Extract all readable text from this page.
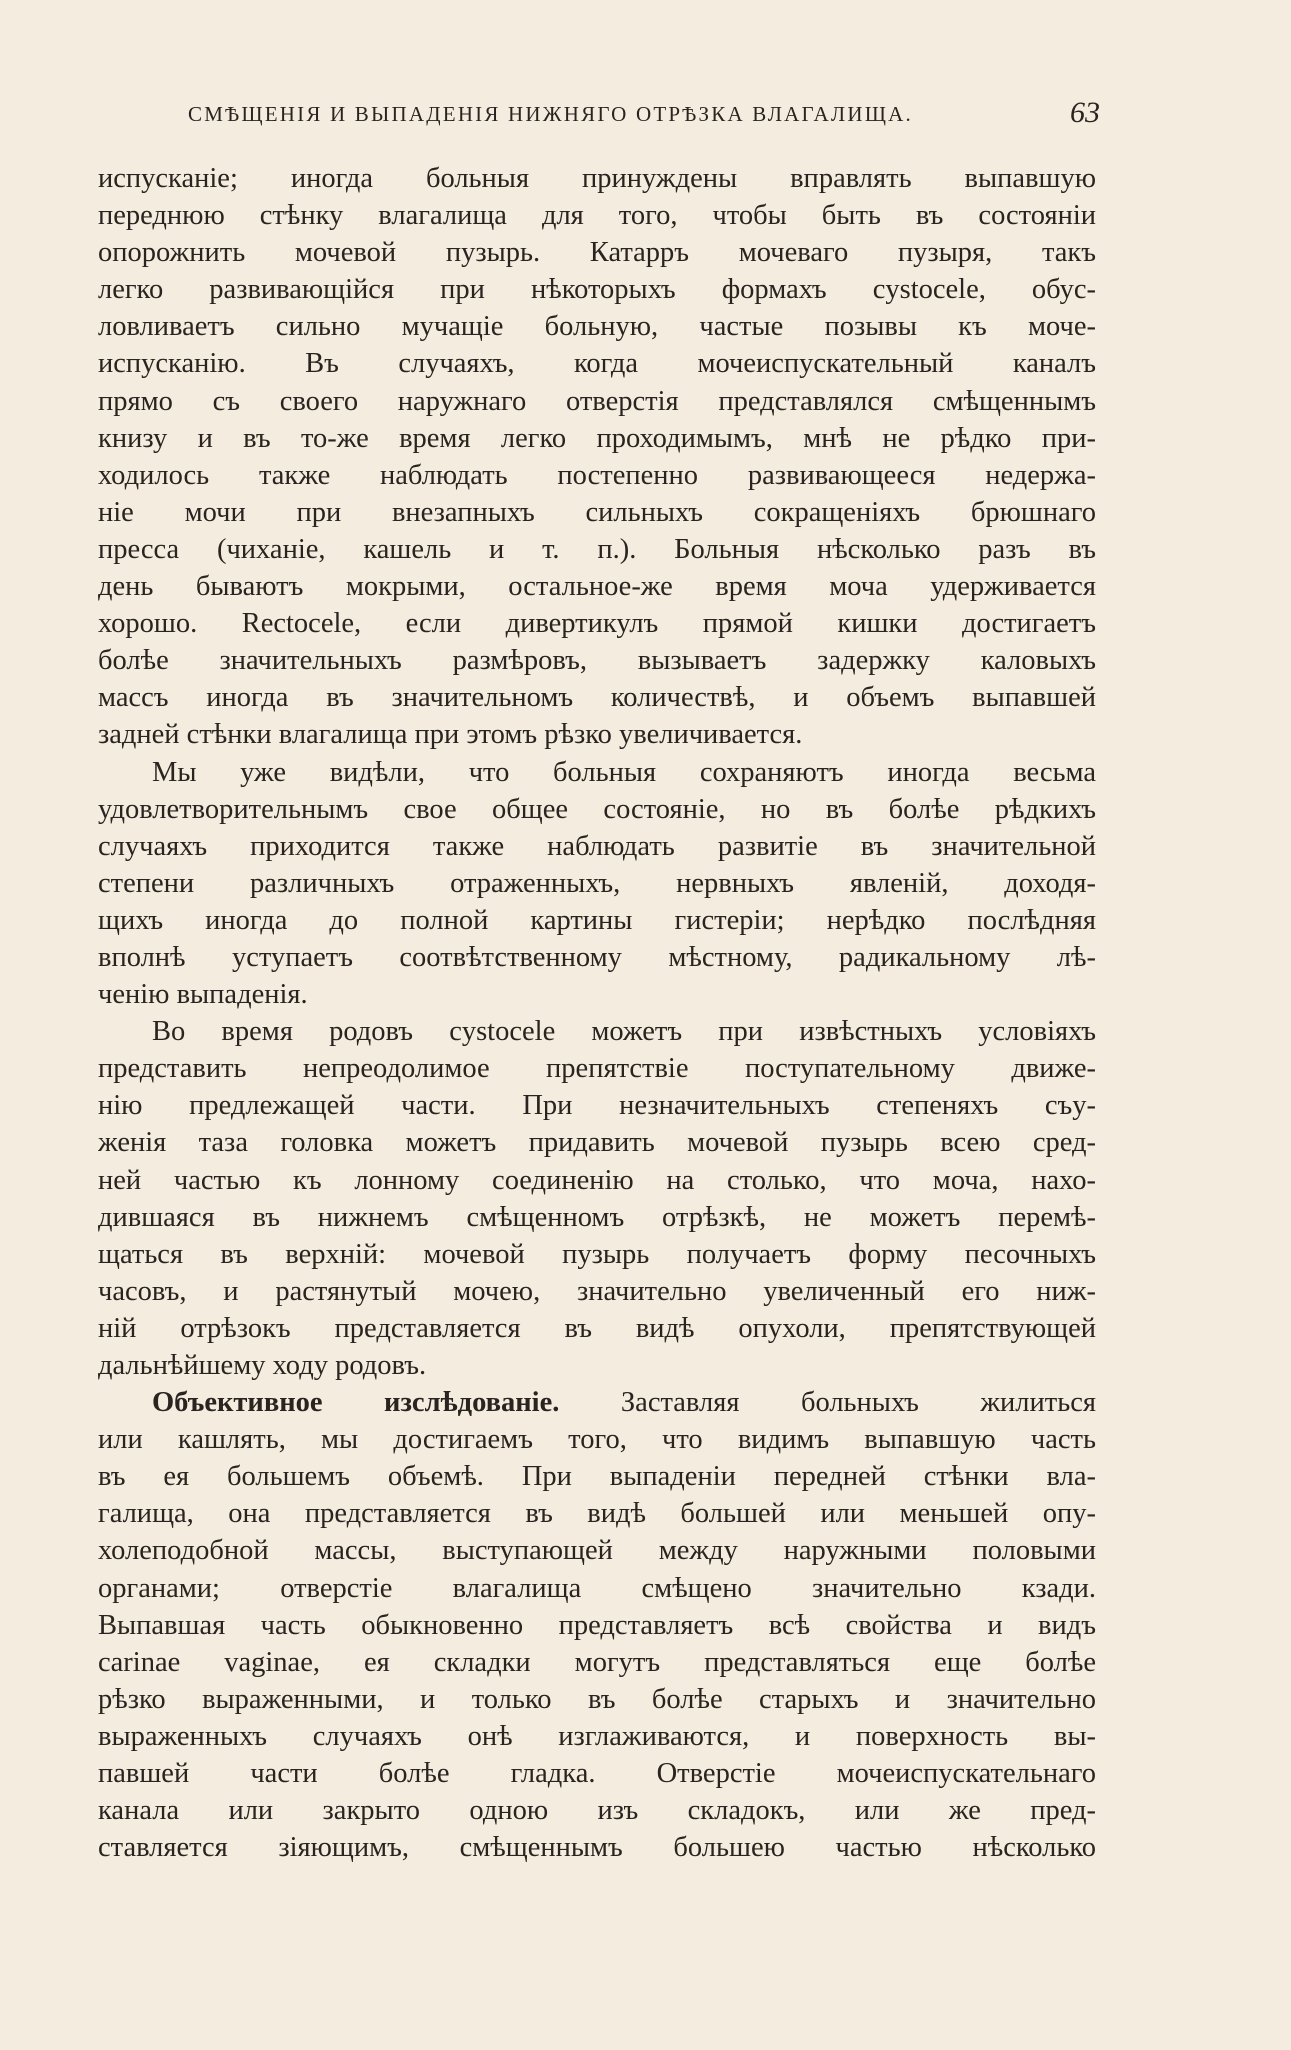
СМѢЩЕНІЯ И ВЫПАДЕНІЯ НИЖНЯГО ОТРѢЗКА ВЛАГАЛИЩА.	63
испусканіе; иногда больныя принуждены вправлять выпавшую
переднюю стѣнку влагалища для того, чтобы быть въ состояніи
опорожнить мочевой пузырь. Катарръ мочеваго пузыря, такъ
легко развивающійся при нѣкоторыхъ формахъ cystocele, обус-
ловливаетъ сильно мучащіе больную, частые позывы къ моче-
испусканію. Въ случаяхъ, когда мочеиспускательный каналъ
прямо съ своего наружнаго отверстія представлялся смѣщеннымъ
книзу и въ то-же время легко проходимымъ, мнѣ не рѣдко при-
ходилось также наблюдать постепенно развивающееся недержа-
ніе мочи при внезапныхъ сильныхъ сокращеніяхъ брюшнаго
пресса (чиханіе, кашель и т. п.). Больныя нѣсколько разъ въ
день бываютъ мокрыми, остальное-же время моча удерживается
хорошо. Rectocele, если дивертикулъ прямой кишки достигаетъ
болѣе значительныхъ размѣровъ, вызываетъ задержку каловыхъ
массъ иногда въ значительномъ количествѣ, и объемъ выпавшей
задней стѣнки влагалища при этомъ рѣзко увеличивается.
Мы уже видѣли, что больныя сохраняютъ иногда весьма
удовлетворительнымъ свое общее состояніе, но въ болѣе рѣдкихъ
случаяхъ приходится также наблюдать развитіе въ значительной
степени различныхъ отраженныхъ, нервныхъ явленій, доходя-
щихъ иногда до полной картины гистеріи; нерѣдко послѣдняя
вполнѣ уступаетъ соотвѣтственному мѣстному, радикальному лѣ-
ченію выпаденія.
Во время родовъ cystocele можетъ при извѣстныхъ условіяхъ
представить непреодолимое препятствіе поступательному движе-
нію предлежащей части. При незначительныхъ степеняхъ съу-
женія таза головка можетъ придавить мочевой пузырь всею сред-
ней частью къ лонному соединенію на столько, что моча, нахо-
дившаяся въ нижнемъ смѣщенномъ отрѣзкѣ, не можетъ перемѣ-
щаться въ верхній: мочевой пузырь получаетъ форму песочныхъ
часовъ, и растянутый мочею, значительно увеличенный его ниж-
ній отрѣзокъ представляется въ видѣ опухоли, препятствующей
дальнѣйшему ходу родовъ.
Объективное изслѣдованіе. Заставляя больныхъ жилиться
или кашлять, мы достигаемъ того, что видимъ выпавшую часть
въ ея большемъ объемѣ. При выпаденіи передней стѣнки вла-
галища, она представляется въ видѣ большей или меньшей опу-
холеподобной массы, выступающей между наружными половыми
органами; отверстіе влагалища смѣщено значительно кзади.
Выпавшая часть обыкновенно представляетъ всѣ свойства и видъ
carinae vaginae, ея складки могутъ представляться еще болѣе
рѣзко выраженными, и только въ болѣе старыхъ и значительно
выраженныхъ случаяхъ онѣ изглаживаются, и поверхность вы-
павшей части болѣе гладка. Отверстіе мочеиспускательнаго
канала или закрыто одною изъ складокъ, или же пред-
ставляется зіяющимъ, смѣщеннымъ большею частью нѣсколько
